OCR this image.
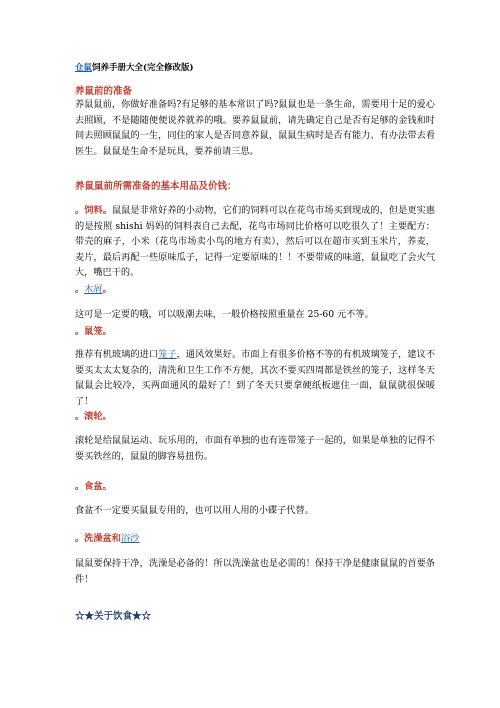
仓鼠饲养手册大全(完全修改版)
养鼠前的准备
养鼠鼠前，你做好准备吗?有足够的基本常识了吗?鼠鼠也是一条生命，需要用十足的爱心去照顾，不是随随便便说养就养的哦。要养鼠鼠前，请先确定自己是否有足够的金钱和时间去照顾鼠鼠的一生，同住的家人是否同意养鼠，鼠鼠生病时是否有能力、有办法带去看医生。鼠鼠是生命不是玩具，要养前请三思。
养鼠鼠前所需准备的基本用品及价钱：
。饲料。鼠鼠是非常好养的小动物，它们的饲料可以在花鸟市场买到现成的，但是更实惠的是按照 shishi 妈妈的饲料表自己去配，花鸟市场同比价格可以吃很久了！主要配方：带壳的麻子，小米（花鸟市场卖小鸟的地方有卖），然后可以在超市买到玉米片，荞麦，麦片，最后再配一些原味瓜子，记得一定要原味的！！不要带咸的味道，鼠鼠吃了会火气大，嘴巴干的。
。木屑。
这可是一定要的哦，可以吸潮去味，一般价格按照重量在 25-60 元不等。
。鼠笼。
推荐有机玻璃的进口笼子，通风效果好。市面上有很多价格不等的有机玻璃笼子，建议不要买太太太复杂的，清洗和卫生工作不方便，其次不要买四周都是铁丝的笼子，这样冬天鼠鼠会比较冷，买两面通风的最好了！到了冬天只要拿硬纸板遮住一面，鼠鼠就很保暖了！
。滚轮。
滚轮是给鼠鼠运动、玩乐用的，市面有单独的也有连带笼子一起的，如果是单独的记得不要买铁丝的，鼠鼠的脚容易扭伤。
。食盆。
食盆不一定要买鼠鼠专用的，也可以用人用的小碟子代替。
。洗澡盆和浴沙
鼠鼠要保持干净，洗澡是必备的！所以洗澡盆也是必需的！保持干净是健康鼠鼠的首要条件！
☆★关于饮食★☆
